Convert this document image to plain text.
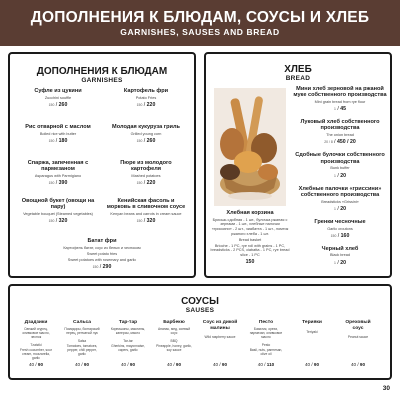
ДОПОЛНЕНИЯ К БЛЮДАМ, СОУСЫ И ХЛЕБ
GARNISHES, SAUSES AND BREAD
ДОПОЛНЕНИЯ К БЛЮДАМ
GARNISHES
Суфле из цукини
Zucchini souffle
150 / 260
Картофель фри
Potato Fries
150 / 220
Рис отварной с маслом
Boiled rice with butter
150 / 180
Молодая кукуруза гриль
Grilled young corn
150 / 260
Спаржа, запеченная с пармезаном
Asparagus with Parmigiano
150 / 390
Пюре из молодого картофеля
Mashed potatoes
150 / 220
Овощной букет (овощи на пару)
Vegetable bouquet (Steamed vegetables)
150 / 320
Кенийская фасоль и морковь в сливочном соусе
Kenyan beans and carrots in cream sauce
150 / 320
Батат фри
Картофель батат, соус из белых и чесноком
Sweet potato fries
Sweet potatoes with rosemary and garlic
150 / 290
ХЛЕБ
BREAD
Хлебная корзина
Бриошь сдобная - 1 шт., булочка ржаная с зернами - 1 шт., хлебные палочки «гриссини» - 2 шт., чиабатта - 1 шт., ломтик ржаного хлеба - 1 шт.
Bread basket
Brioche - 1 PC, rye roll with grains - 1 PC, breadsticks - 2 PCS, ciabatta - 1 PC, rye bread slice - 1 PC
150
Мини хлеб зерновой на ржаной муке собственного производства
Mini grain bread from rye flour
1 / 45
Луковый хлеб собственного производства
The onion bread
20 / 8 / 450 / 20
Сдобные булочки собственного производства
Bunk buffer
1 / 20
Хлебные палочки «гриссини» собственного производства
Breadsticks «Grissini»
1 / 20
Гренки чесночные
Garlic croutons
150 / 160
Черный хлеб
Black bread
1 / 20
СОУСЫ
SAUSES
Дзадзики
Свежий огурец, оливковое масло, чеснок
Tzatziki
Fresh cucumber, sour cream, mozzarella, garlic
40 / 90
Сальса
Помидоры, болгарский перец, репчатый лук
Salsa
Tomatoes, tomatoes, pepper, chili pepper, garlic
40 / 90
Тар-тар
Корнишоны, маслины, каперсы, масло
Tar-tar
Gherkins, mayonnaise, capers, garlic
40 / 90
Барбекю
Ананас, мед, соевый соус
BBQ
Pineapple, honey, garlic, soy sauce
40 / 90
Соус из дикой малины
Wild raspberry sauce
40 / 90
Песто
Базилик, орехи, пармезан, оливковое масло
Pesto
Basil, nuts, parmesan, olive oil
40 / 110
Терияки
Teriyaki
40 / 90
Ореховый соус
Peanut sauce
40 / 90
30
